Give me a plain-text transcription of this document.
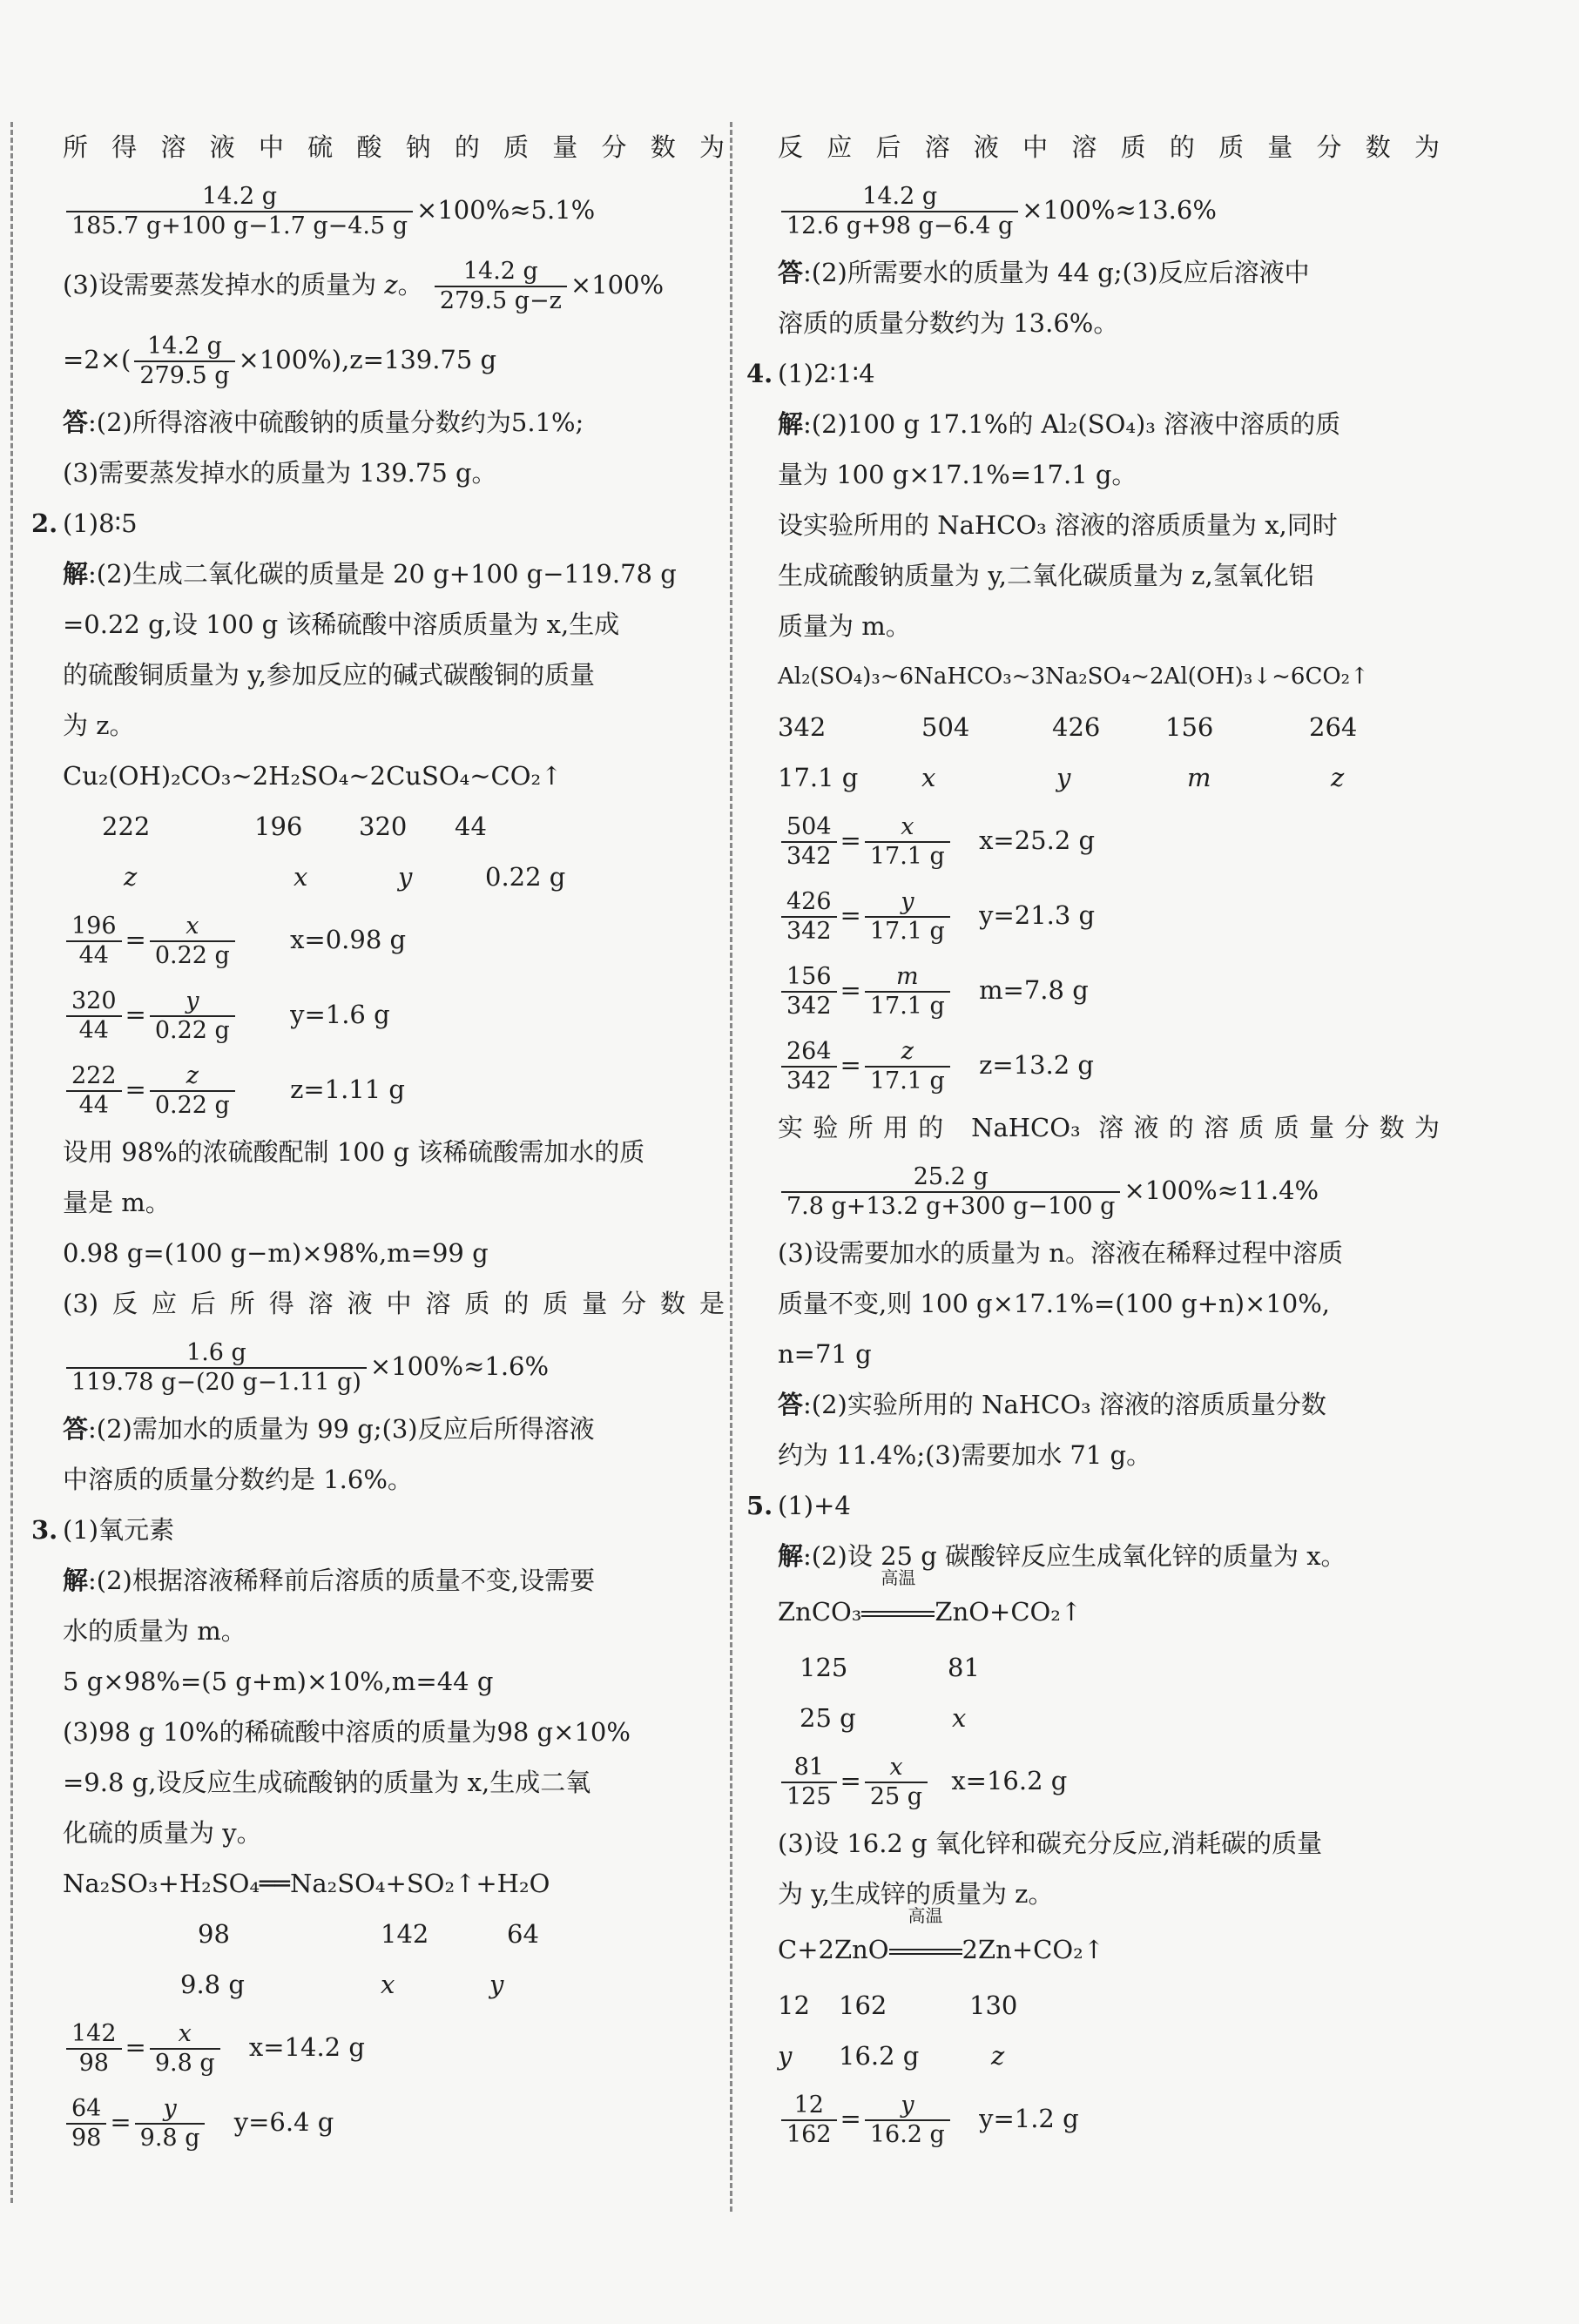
所得溶液中硫酸钠的质量分数为
$\frac{14.2 g}{185.7 g+100 g-1.7 g-4.5 g} \times 100\%\approx 5.1\%$
(3)设需要蒸发掉水的质量为 z。 $\frac{14.2 g}{279.5 g-z} \times 100\%$
$=2\times( \frac{14.2 g}{279.5 g} \times 100\%),z=139.75$ g
答:(2)所得溶液中硫酸钠的质量分数约为5.1%;
(3)需要蒸发掉水的质量为 139.75 g。
2. (1)8∶5
解:(2)生成二氧化碳的质量是 20 g+100 g−119.78 g
=0.22 g,设 100 g 该稀硫酸中溶质质量为 x,生成
的硫酸铜质量为 y,参加反应的碱式碳酸铜的质量
为 z。
Cu₂(OH)₂CO₃~2H₂SO₄~2CuSO₄~CO₂↑
222	196	320	44
z	x	y	0.22 g
$\frac{196}{44} = \frac{x}{0.22 g} x=0.98$ g
$\frac{320}{44} = \frac{y}{0.22 g} y=1.6$ g
$\frac{222}{44} = \frac{z}{0.22 g} z=1.11$ g
设用 98%的浓硫酸配制 100 g 该稀硫酸需加水的质
量是 m。
0.98 g=(100 g−m)×98%,m=99 g
(3)反应后所得溶液中溶质的质量分数是
$\frac{1.6 g}{119.78 g-(20 g-1.11 g)} \times 100\%\approx 1.6\%$
答:(2)需加水的质量为 99 g;(3)反应后所得溶液
中溶质的质量分数约是 1.6%。
3. (1)氧元素
解:(2)根据溶液稀释前后溶质的质量不变,设需要
水的质量为 m。
5 g×98%=(5 g+m)×10%,m=44 g
(3)98 g 10%的稀硫酸中溶质的质量为98 g×10%
=9.8 g,设反应生成硫酸钠的质量为 x,生成二氧
化硫的质量为 y。
Na₂SO₃+H₂SO₄══Na₂SO₄+SO₂↑+H₂O
98	142	64
9.8 g	x	y
$\frac{142}{98} = \frac{x}{9.8 g} x=14.2$ g
$\frac{64}{98} = \frac{y}{9.8 g} y=6.4$ g
反应后溶液中溶质的质量分数为
$\frac{14.2 g}{12.6 g+98 g-6.4 g} \times 100\%\approx 13.6\%$
答:(2)所需要水的质量为 44 g;(3)反应后溶液中
溶质的质量分数约为 13.6%。
4. (1)2∶1∶4
解:(2)100 g 17.1%的 Al₂(SO₄)₃ 溶液中溶质的质
量为 100 g×17.1%=17.1 g。
设实验所用的 NaHCO₃ 溶液的溶质质量为 x,同时
生成硫酸钠质量为 y,二氧化碳质量为 z,氢氧化铝
质量为 m。
Al₂(SO₄)₃~6NaHCO₃~3Na₂SO₄~2Al(OH)₃↓~6CO₂↑
342	504	426	156	264
17.1 g	x	y	m	z
$\frac{504}{342} = \frac{x}{17.1 g} x=25.2$ g
$\frac{426}{342} = \frac{y}{17.1 g} y=21.3$ g
$\frac{156}{342} = \frac{m}{17.1 g} m=7.8$ g
$\frac{264}{342} = \frac{z}{17.1 g} z=13.2$ g
实验所用的 NaHCO₃ 溶液的溶质质量分数为
$\frac{25.2 g}{7.8 g+13.2 g+300 g-100 g} \times 100\%\approx 11.4\%$
(3)设需要加水的质量为 n。溶液在稀释过程中溶质
质量不变,则 100 g×17.1%=(100 g+n)×10%,
n=71 g
答:(2)实验所用的 NaHCO₃ 溶液的溶质质量分数
约为 11.4%;(3)需要加水 71 g。
5. (1)+4
解:(2)设 25 g 碳酸锌反应生成氧化锌的质量为 x。
ZnCO₃
高温
ZnO+CO₂↑
125	81
25 g	x
$\frac{81}{125} = \frac{x}{25 g} x=16.2$ g
(3)设 16.2 g 氧化锌和碳充分反应,消耗碳的质量
为 y,生成锌的质量为 z。
C+2ZnO
高温
2Zn+CO₂↑
12	162	130
y	16.2 g	z
$\frac{12}{162} = \frac{y}{16.2 g} y=1.2$ g
